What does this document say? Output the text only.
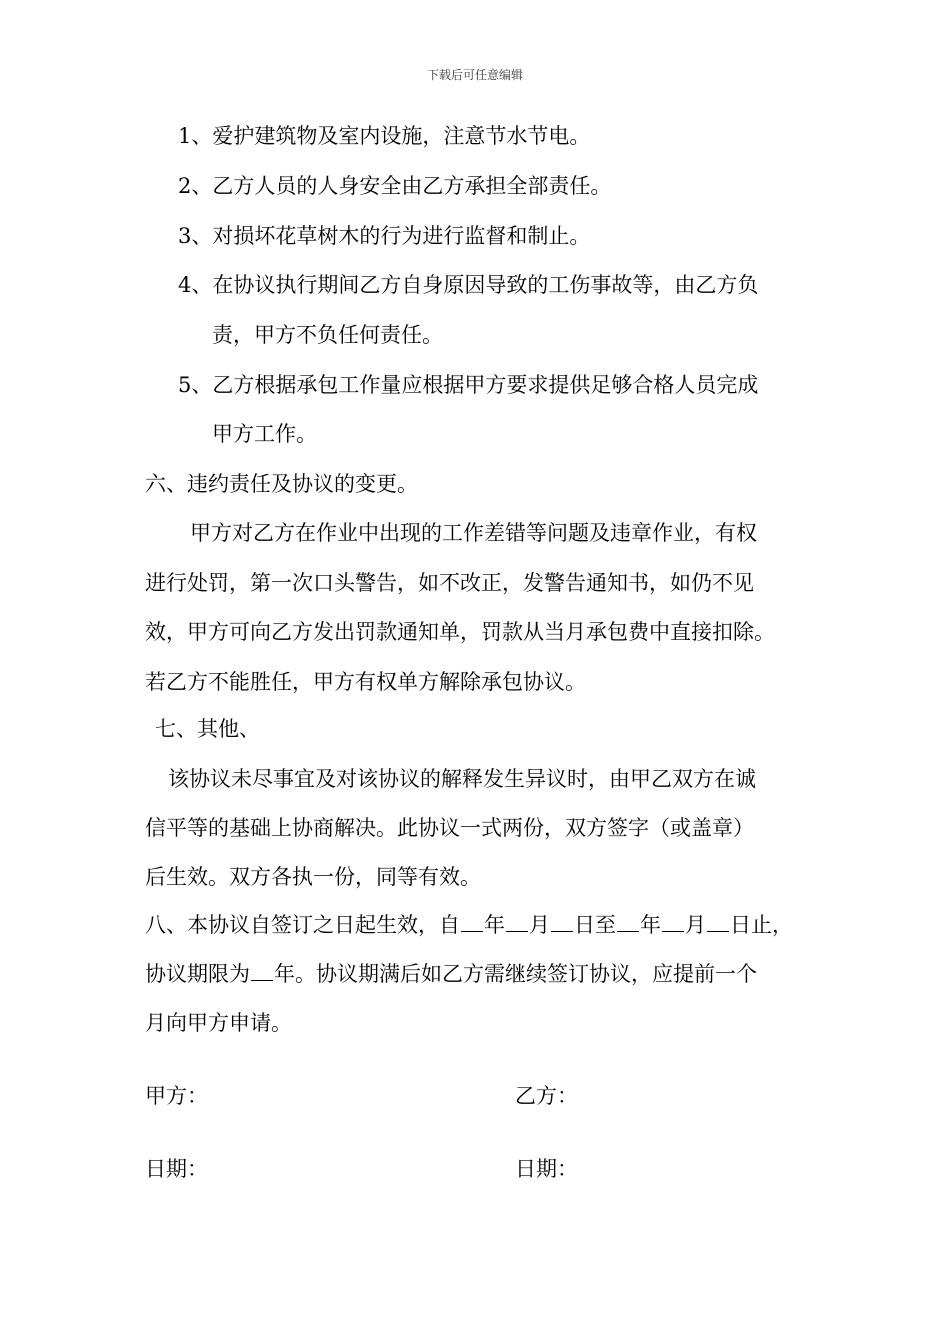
下载后可任意编辑
1、爱护建筑物及室内设施，注意节水节电。
2、乙方人员的人身安全由乙方承担全部责任。
3、对损坏花草树木的行为进行监督和制止。
4、在协议执行期间乙方自身原因导致的工伤事故等，由乙方负
责，甲方不负任何责任。
5、乙方根据承包工作量应根据甲方要求提供足够合格人员完成
甲方工作。
六、违约责任及协议的变更。
甲方对乙方在作业中出现的工作差错等问题及违章作业，有权
进行处罚，第一次口头警告，如不改正，发警告通知书，如仍不见
效，甲方可向乙方发出罚款通知单，罚款从当月承包费中直接扣除。
若乙方不能胜任，甲方有权单方解除承包协议。
七、其他、
该协议未尽事宜及对该协议的解释发生异议时，由甲乙双方在诚
信平等的基础上协商解决。此协议一式两份，双方签字（或盖章）
后生效。双方各执一份，同等有效。
八、本协议自签订之日起生效，自 年 月 日至 年 月 日止，
协议期限为 年。协议期满后如乙方需继续签订协议，应提前一个
月向甲方申请。
甲方：	乙方：
日期：	日期：
